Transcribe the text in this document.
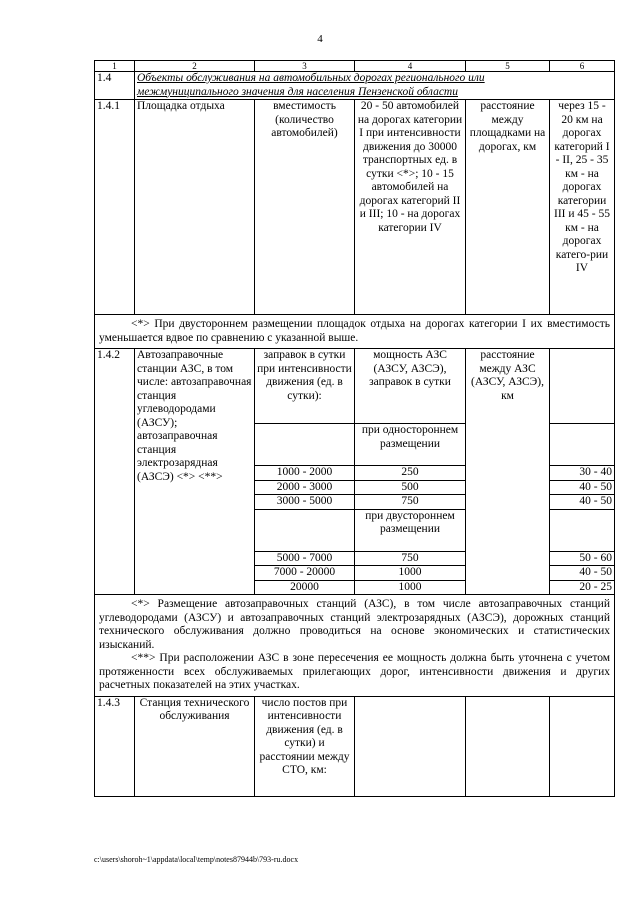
4
1	2	3	4	5	6
1.4	Объекты обслуживания на автомобильных дорогах регионального или
межмуниципального значения для населения Пензенской области				

1.4.1	Площадка отдыха	вместимость (количество автомобилей)	20 - 50 автомобилей на дорогах категории I при интенсивности движения до 30000 транспортных ед. в сутки <*>; 10 - 15 автомобилей на дорогах категорий II и III; 10 - на дорогах категории IV	расстояние между площадками на дорогах, км	через 15 - 20 км на дорогах категорий I - II, 25 - 35 км - на дорогах категории III и 45 - 55 км - на дорогах катего-рии IV

<*> При двустороннем размещении площадок отдыха на дорогах категории I их вместимость уменьшается вдвое по сравнению с указанной выше.					

1.4.2	Автозаправочные станции АЗС, в том числе: автозаправочная станция углеводородами (АЗСУ); автозаправочная станция электрозарядная (АЗСЭ) <*> <**>	заправок в сутки при интенсивности движения (ед. в сутки):	мощность АЗС (АЗСУ, АЗСЭ), заправок в сутки	расстояние между АЗС (АЗСУ, АЗСЭ), км	
			при одностороннем размещении		
		1000 - 2000	250		30 - 40
		2000 - 3000	500		40 - 50
		3000 - 5000	750		40 - 50
			при двустороннем размещении		
		5000 - 7000	750		50 - 60
		7000 - 20000	1000		40 - 50
		20000	1000		20 - 25

<*> Размещение автозаправочных станций (АЗС), в том числе автозаправочных станций углеводородами (АЗСУ) и автозаправочных станций электрозарядных (АЗСЭ), дорожных станций технического обслуживания должно проводиться на основе экономических и статистических изысканий.

<**> При расположении АЗС в зоне пересечения ее мощность должна быть уточнена с учетом протяженности всех обслуживаемых прилегающих дорог, интенсивности движения и других расчетных показателей на этих участках.					

1.4.3	Станция технического обслуживания	число постов при интенсивности движения (ед. в сутки) и расстоянии между СТО, км:			
c:\users\shoroh~1\appdata\local\temp\notes87944b\793-ru.docx
